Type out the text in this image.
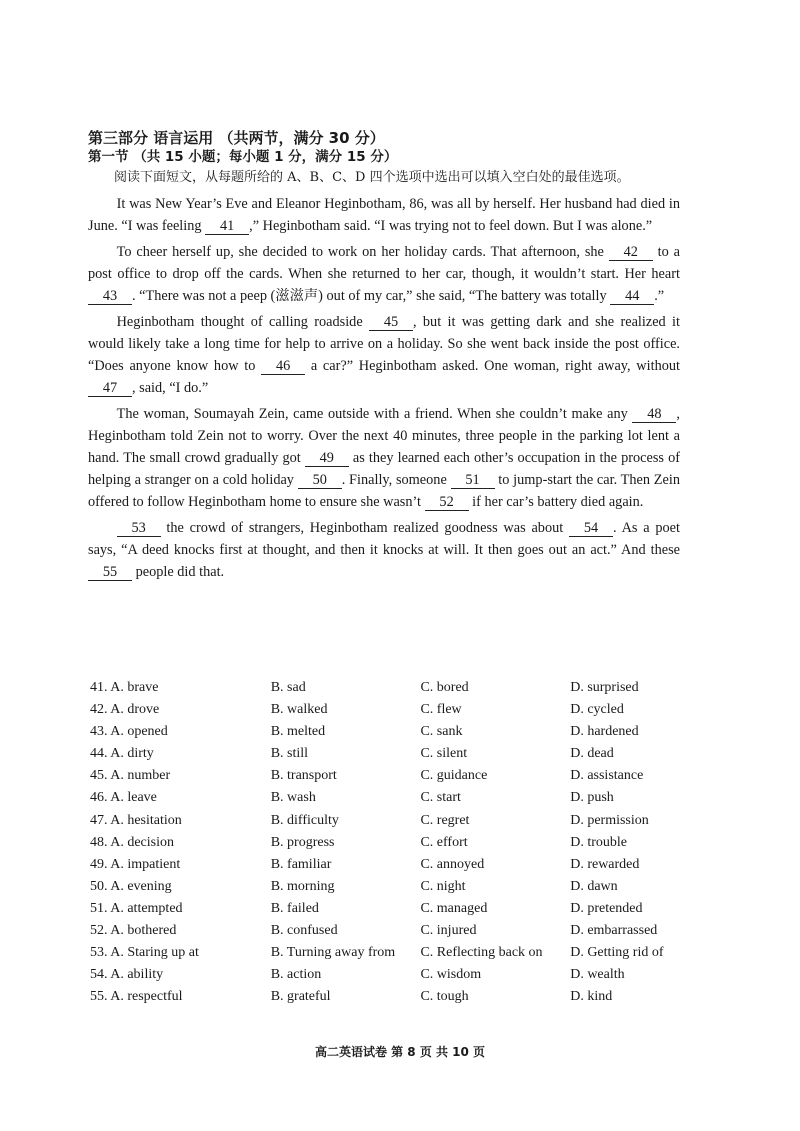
第三部分 语言运用 （共两节，满分 30 分）
第一节 （共 15 小题；每小题 1 分，满分 15 分）
阅读下面短文，从每题所给的 A、B、C、D 四个选项中选出可以填入空白处的最佳选项。

It was New Year’s Eve and Eleanor Heginbotham, 86, was all by herself. Her husband had died in June. “I was feeling 41 ,” Heginbotham said. “I was trying not to feel down. But I was alone.”

To cheer herself up, she decided to work on her holiday cards. That afternoon, she 42 to a post office to drop off the cards. When she returned to her car, though, it wouldn’t start. Her heart 43 . “There was not a peep (滋滋声) out of my car,” she said, “The battery was totally 44 .”

Heginbotham thought of calling roadside 45 , but it was getting dark and she realized it would likely take a long time for help to arrive on a holiday. So she went back inside the post office. “Does anyone know how to 46 a car?” Heginbotham asked. One woman, right away, without 47 , said, “I do.”

The woman, Soumayah Zein, came outside with a friend. When she couldn’t make any 48 , Heginbotham told Zein not to worry. Over the next 40 minutes, three people in the parking lot lent a hand. The small crowd gradually got 49 as they learned each other’s occupation in the process of helping a stranger on a cold holiday 50 . Finally, someone 51 to jump-start the car. Then Zein offered to follow Heginbotham home to ensure she wasn’t 52 if her car’s battery died again.

53 the crowd of strangers, Heginbotham realized goodness was about 54 . As a poet says, “A deed knocks first at thought, and then it knocks at will. It then goes out an act.” And these 55 people did that.

41. A. brave	B. sad	C. bored	D. surprised
42. A. drove	B. walked	C. flew	D. cycled
43. A. opened	B. melted	C. sank	D. hardened
44. A. dirty	B. still	C. silent	D. dead
45. A. number	B. transport	C. guidance	D. assistance
46. A. leave	B. wash	C. start	D. push
47. A. hesitation	B. difficulty	C. regret	D. permission
48. A. decision	B. progress	C. effort	D. trouble
49. A. impatient	B. familiar	C. annoyed	D. rewarded
50. A. evening	B. morning	C. night	D. dawn
51. A. attempted	B. failed	C. managed	D. pretended
52. A. bothered	B. confused	C. injured	D. embarrassed
53. A. Staring up at	B. Turning away from	C. Reflecting back on	D. Getting rid of
54. A. ability	B. action	C. wisdom	D. wealth
55. A. respectful	B. grateful	C. tough	D. kind
高二英语试卷 第 8 页 共 10 页
